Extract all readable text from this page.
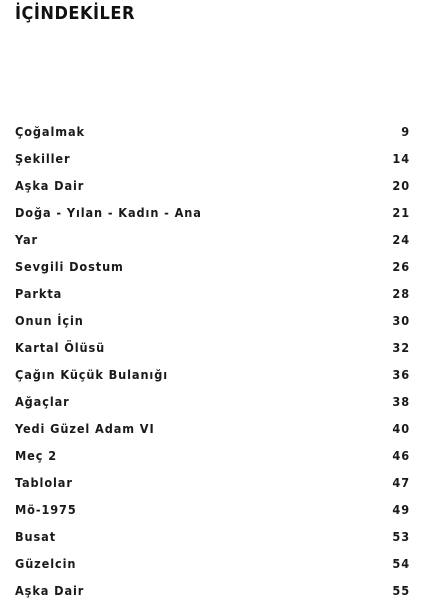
İÇİNDEKİLER
Çoğalmak	9
Şekiller	14
Aşka Dair	20
Doğa - Yılan - Kadın - Ana	21
Yar	24
Sevgili Dostum	26
Parkta	28
Onun İçin	30
Kartal Ölüsü	32
Çağın Küçük Bulanığı	36
Ağaçlar	38
Yedi Güzel Adam VI	40
Meç 2	46
Tablolar	47
Mö-1975	49
Busat	53
Güzelcin	54
Aşka Dair	55
